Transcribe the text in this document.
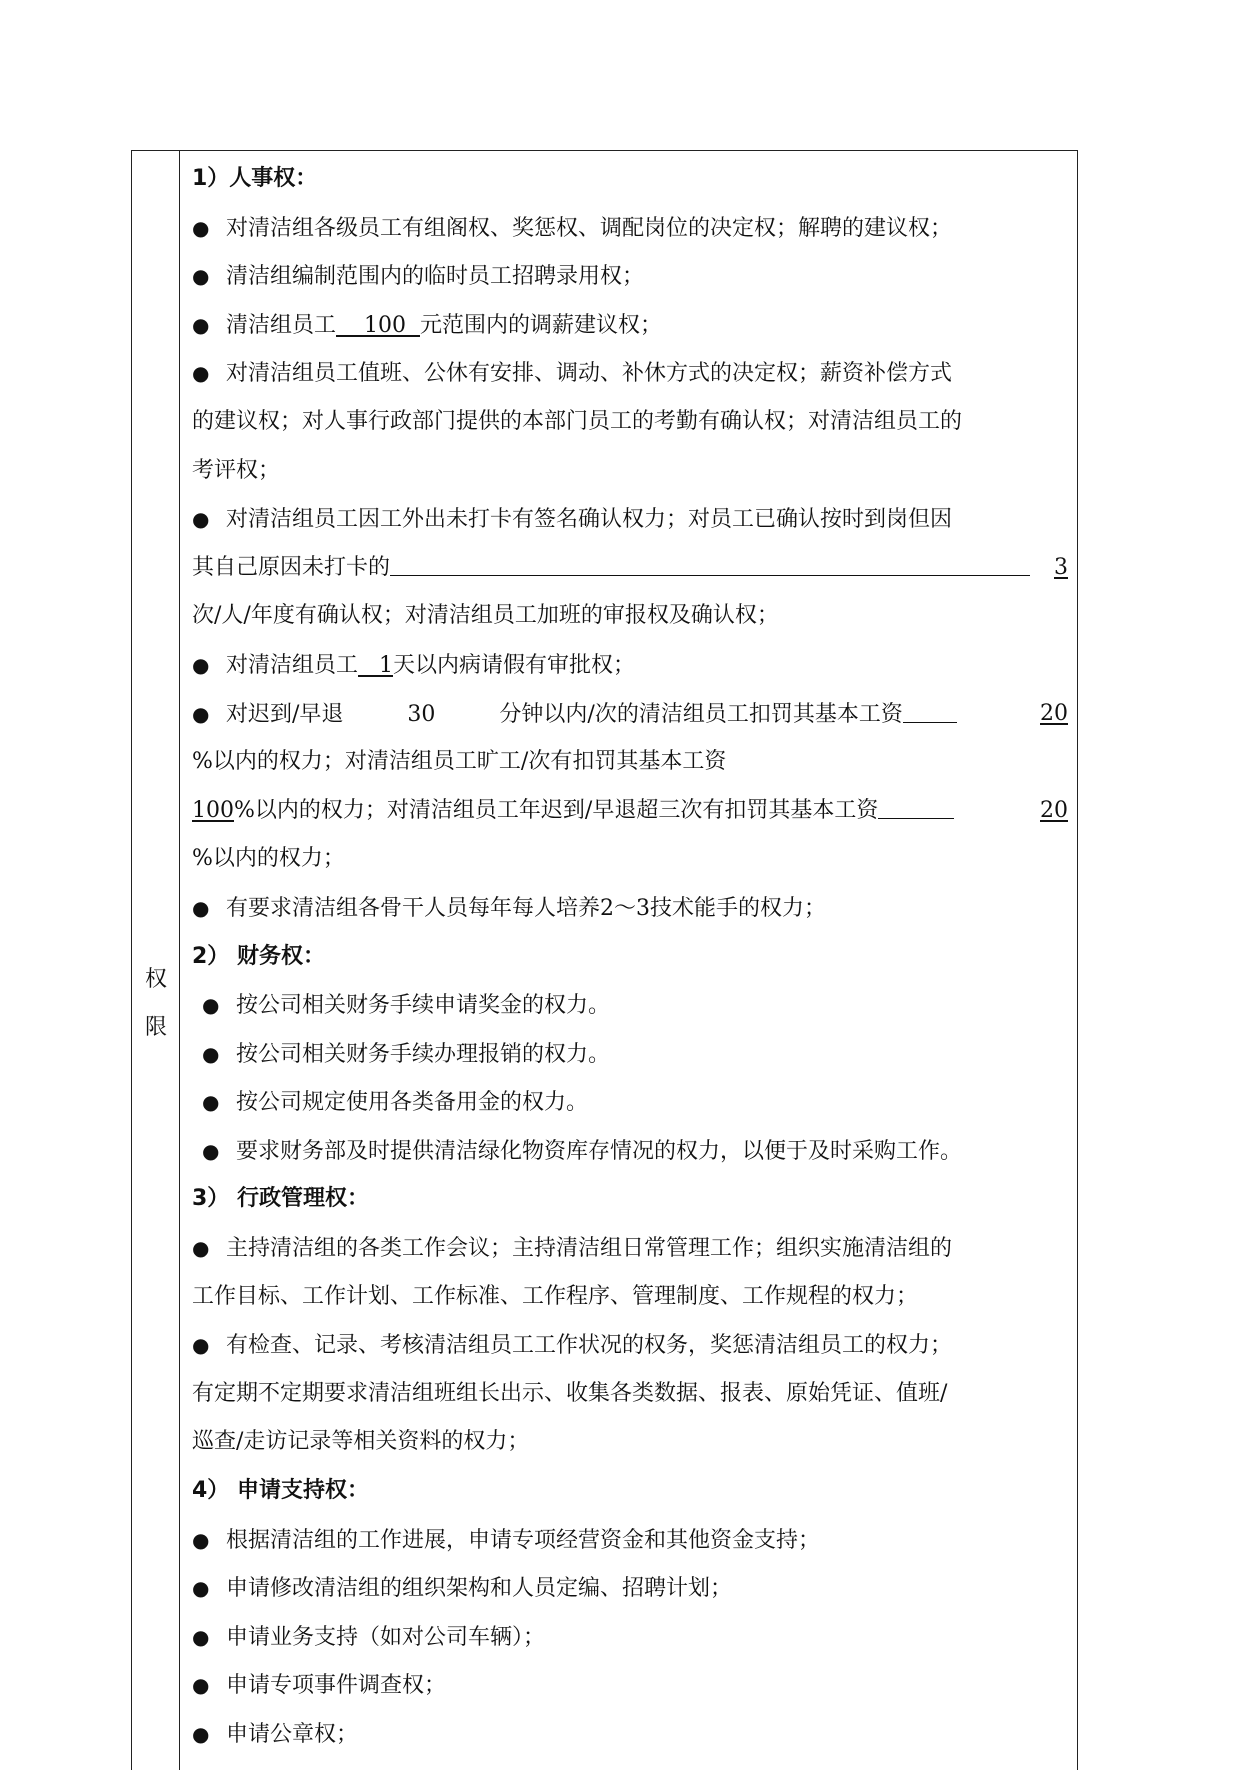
权
限
1）人事权：
● 对清洁组各级员工有组阁权、奖惩权、调配岗位的决定权；解聘的建议权；
● 清洁组编制范围内的临时员工招聘录用权；
● 清洁组员工 100 元范围内的调薪建议权；
● 对清洁组员工值班、公休有安排、调动、补休方式的决定权；薪资补偿方式
的建议权；对人事行政部门提供的本部门员工的考勤有确认权；对清洁组员工的
考评权；
● 对清洁组员工因工外出未打卡有签名确认权力；对员工已确认按时到岗但因
其自己原因未打卡的	3
次/人/年度有确认权；对清洁组员工加班的审报权及确认权；
● 对清洁组员工 1天以内病请假有审批权；
● 对迟到/早退	30	分钟以内/次的清洁组员工扣罚其基本工资	20
%以内的权力；对清洁组员工旷工/次有扣罚其基本工资
100%以内的权力；对清洁组员工年迟到/早退超三次有扣罚其基本工资	20
%以内的权力；
● 有要求清洁组各骨干人员每年每人培养2～3技术能手的权力；
2） 财务权：
● 按公司相关财务手续申请奖金的权力。
● 按公司相关财务手续办理报销的权力。
● 按公司规定使用各类备用金的权力。
● 要求财务部及时提供清洁绿化物资库存情况的权力，以便于及时采购工作。
3） 行政管理权：
● 主持清洁组的各类工作会议；主持清洁组日常管理工作；组织实施清洁组的
工作目标、工作计划、工作标准、工作程序、管理制度、工作规程的权力；
● 有检查、记录、考核清洁组员工工作状况的权务，奖惩清洁组员工的权力；
有定期不定期要求清洁组班组长出示、收集各类数据、报表、原始凭证、值班/
巡查/走访记录等相关资料的权力；
4） 申请支持权：
● 根据清洁组的工作进展，申请专项经营资金和其他资金支持；
● 申请修改清洁组的组织架构和人员定编、招聘计划；
● 申请业务支持（如对公司车辆）；
● 申请专项事件调查权；
● 申请公章权；
